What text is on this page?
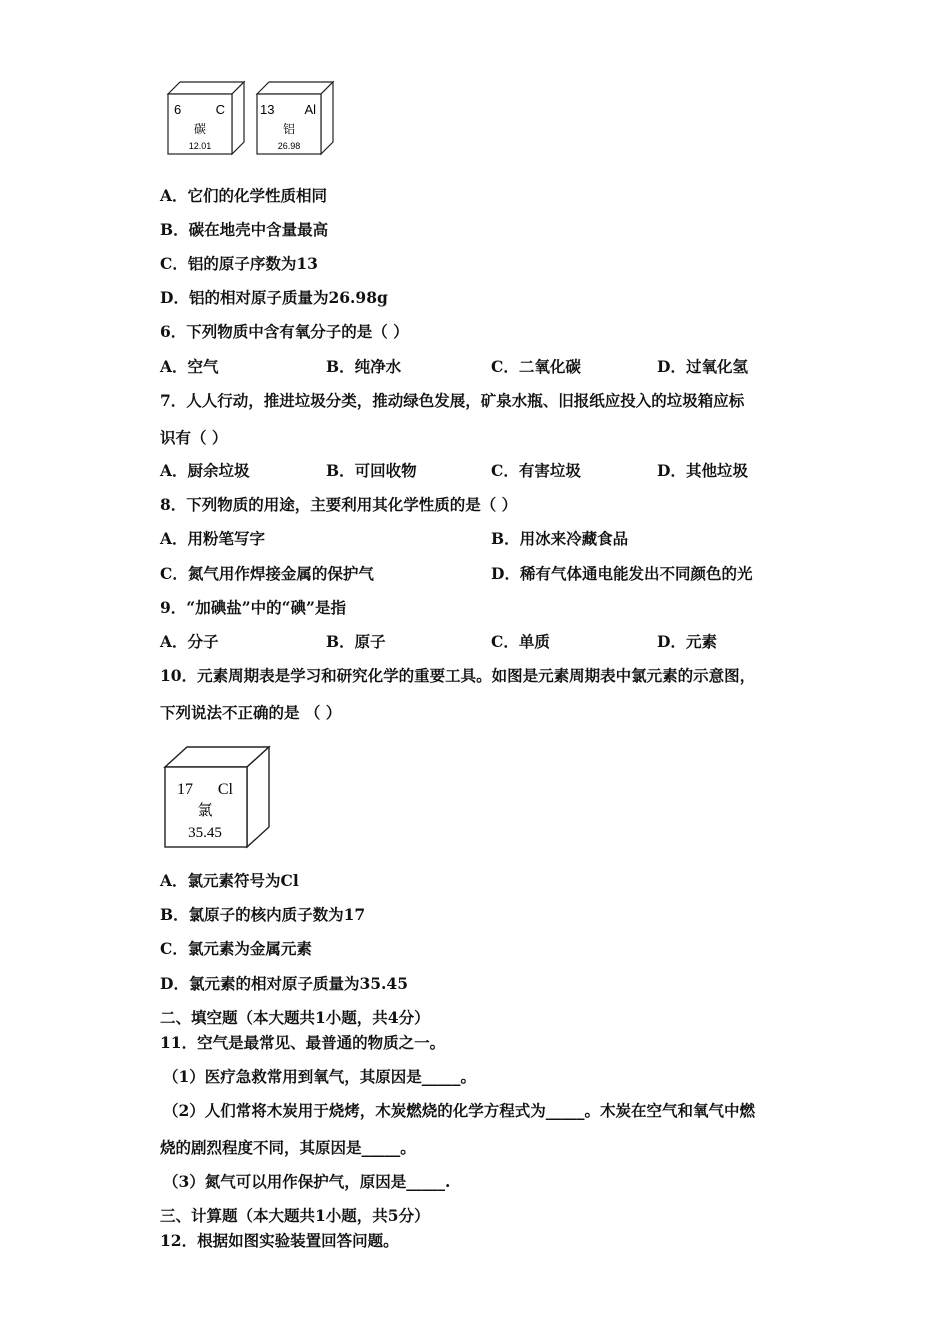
6	C
碳
12.01
13 Al
铝
26.98
A．它们的化学性质相同
B．碳在地壳中含量最高
C．铝的原子序数为13
D．铝的相对原子质量为26.98g
6．下列物质中含有氧分子的是（ ）
A．空气	B．纯净水	C．二氧化碳	D．过氧化氢
7．人人行动，推进垃圾分类，推动绿色发展，矿泉水瓶、旧报纸应投入的垃圾箱应标
识有（ ）
A．厨余垃圾	B．可回收物	C．有害垃圾	D．其他垃圾
8．下列物质的用途，主要利用其化学性质的是（ ）
A．用粉笔写字	B．用冰来冷藏食品
C．氮气用作焊接金属的保护气	D．稀有气体通电能发出不同颜色的光
9．“加碘盐”中的“碘”是指
A．分子	B．原子	C．单质	D．元素
10．元素周期表是学习和研究化学的重要工具。如图是元素周期表中氯元素的示意图，
下列说法不正确的是 （ ）
17 Cl
氯
35.45
A．氯元素符号为Cl
B．氯原子的核内质子数为17
C．氯元素为金属元素
D．氯元素的相对原子质量为35.45
二、填空题（本大题共1小题，共4分）
11．空气是最常见、最普通的物质之一。
（1）医疗急救常用到氧气，其原因是_____。
（2）人们常将木炭用于烧烤，木炭燃烧的化学方程式为_____。木炭在空气和氧气中燃
烧的剧烈程度不同，其原因是_____。
（3）氮气可以用作保护气，原因是_____.
三、计算题（本大题共1小题，共5分）
12．根据如图实验装置回答问题。
